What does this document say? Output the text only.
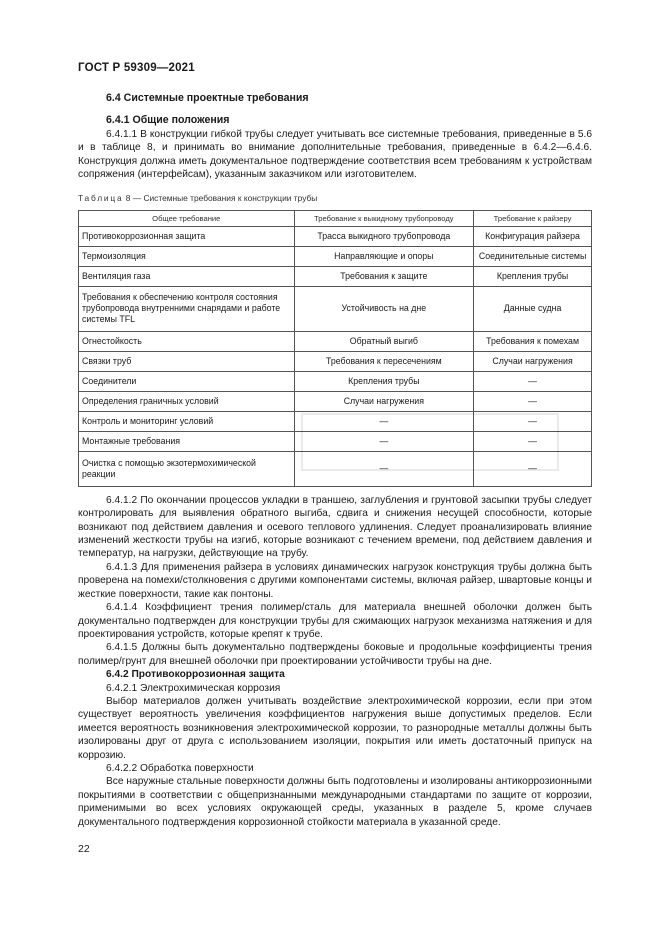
ГОСТ Р 59309—2021
6.4 Системные проектные требования
6.4.1 Общие положения

6.4.1.1 В конструкции гибкой трубы следует учитывать все системные требования, приведенные в 5.6 и в таблице 8, и принимать во внимание дополнительные требования, приведенные в 6.4.2—6.4.6. Конструкция должна иметь документальное подтверждение соответствия всем требованиям к устройствам сопряжения (интерфейсам), указанным заказчиком или изготовителем.

Таблица 8 — Системные требования к конструкции трубы
Общее требование	Требование к выкидному трубопроводу	Требование к райзеру
Противокоррозионная защита	Трасса выкидного трубопровода	Конфигурация райзера
Термоизоляция	Направляющие и опоры	Соединительные системы
Вентиляция газа	Требования к защите	Крепления трубы
Требования к обеспечению контроля состояния трубопровода внутренними снарядами и работе системы TFL	Устойчивость на дне	Данные судна
Огнестойкость	Обратный выгиб	Требования к помехам
Связки труб	Требования к пересечениям	Случаи нагружения
Соединители	Крепления трубы	—
Определения граничных условий	Случаи нагружения	—
Контроль и мониторинг условий	—	—
Монтажные требования	—	—
Очистка с помощью экзотермохимической реакции	—	—

6.4.1.2 По окончании процессов укладки в траншею, заглубления и грунтовой засыпки трубы следует контролировать для выявления обратного выгиба, сдвига и снижения несущей способности, которые возникают под действием давления и осевого теплового удлинения. Следует проанализировать влияние изменений жесткости трубы на изгиб, которые возникают с течением времени, под действием давления и температур, на нагрузки, действующие на трубу.

6.4.1.3 Для применения райзера в условиях динамических нагрузок конструкция трубы должна быть проверена на помехи/столкновения с другими компонентами системы, включая райзер, швартовые концы и жесткие поверхности, такие как понтоны.

6.4.1.4 Коэффициент трения полимер/сталь для материала внешней оболочки должен быть документально подтвержден для конструкции трубы для сжимающих нагрузок механизма натяжения и для проектирования устройств, которые крепят к трубе.

6.4.1.5 Должны быть документально подтверждены боковые и продольные коэффициенты трения полимер/грунт для внешней оболочки при проектировании устойчивости трубы на дне.

6.4.2 Противокоррозионная защита
6.4.2.1 Электрохимическая коррозия

Выбор материалов должен учитывать воздействие электрохимической коррозии, если при этом существует вероятность увеличения коэффициентов нагружения выше допустимых пределов. Если имеется вероятность возникновения электрохимической коррозии, то разнородные металлы должны быть изолированы друг от друга с использованием изоляции, покрытия или иметь достаточный припуск на коррозию.

6.4.2.2 Обработка поверхности

Все наружные стальные поверхности должны быть подготовлены и изолированы антикоррозионными покрытиями в соответствии с общепризнанными международными стандартами по защите от коррозии, применимыми во всех условиях окружающей среды, указанных в разделе 5, кроме случаев документального подтверждения коррозионной стойкости материала в указанной среде.

22
